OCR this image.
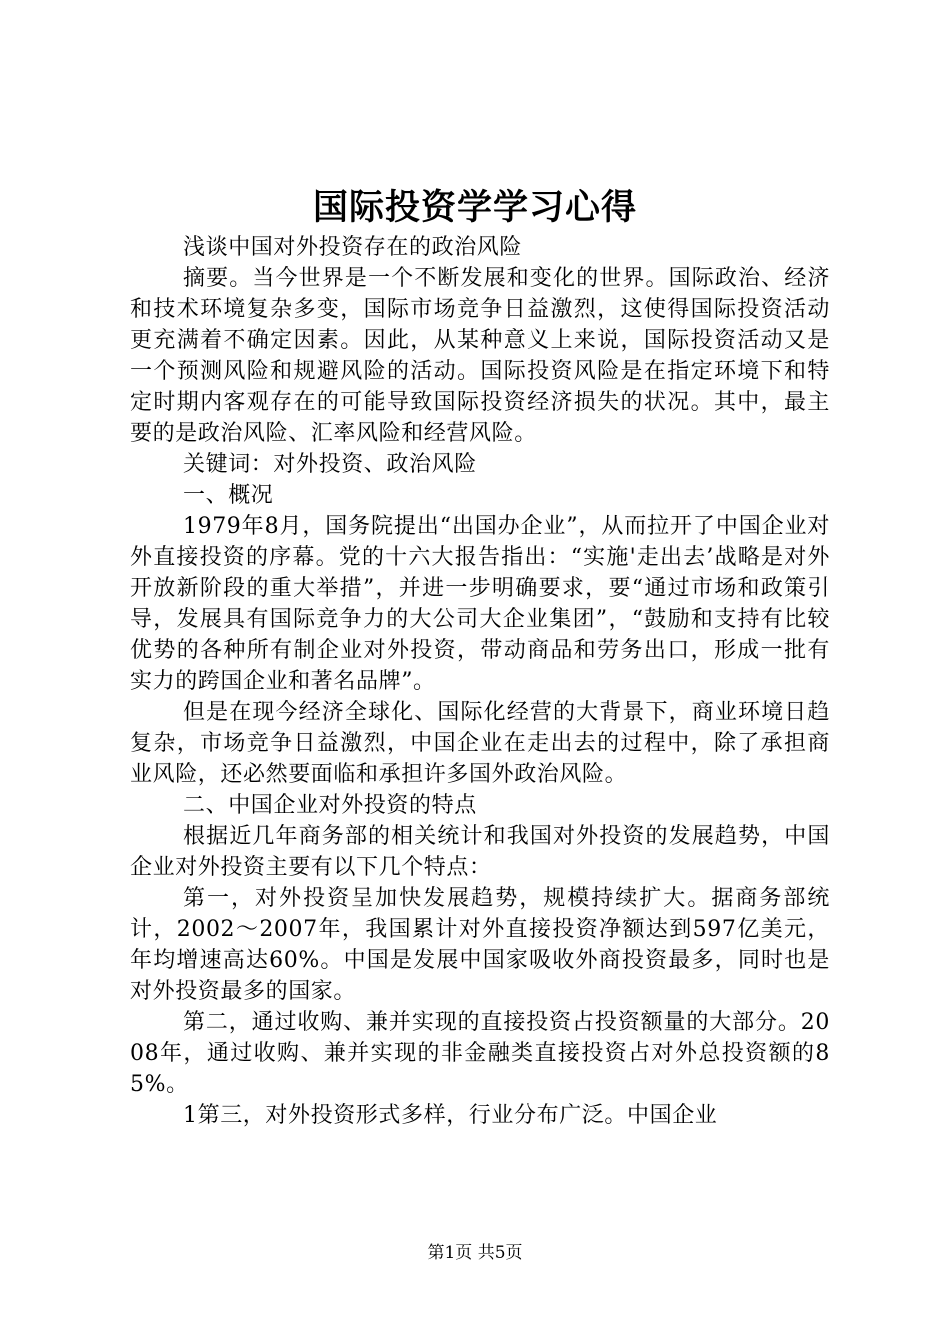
国际投资学学习心得

浅谈中国对外投资存在的政治风险

摘要。当今世界是一个不断发展和变化的世界。国际政治、经济和技术环境复杂多变，国际市场竞争日益激烈，这使得国际投资活动更充满着不确定因素。因此，从某种意义上来说，国际投资活动又是一个预测风险和规避风险的活动。国际投资风险是在指定环境下和特定时期内客观存在的可能导致国际投资经济损失的状况。其中，最主要的是政治风险、汇率风险和经营风险。

关键词：对外投资、政治风险

一、概况

1979年8月，国务院提出“出国办企业”，从而拉开了中国企业对外直接投资的序幕。党的十六大报告指出：“实施'走出去’战略是对外开放新阶段的重大举措”，并进一步明确要求，要“通过市场和政策引导，发展具有国际竞争力的大公司大企业集团”，“鼓励和支持有比较优势的各种所有制企业对外投资，带动商品和劳务出口，形成一批有实力的跨国企业和著名品牌”。

但是在现今经济全球化、国际化经营的大背景下，商业环境日趋复杂，市场竞争日益激烈，中国企业在走出去的过程中，除了承担商业风险，还必然要面临和承担许多国外政治风险。

二、中国企业对外投资的特点

根据近几年商务部的相关统计和我国对外投资的发展趋势，中国企业对外投资主要有以下几个特点：

第一，对外投资呈加快发展趋势，规模持续扩大。据商务部统计，2002～2007年，我国累计对外直接投资净额达到597亿美元，年均增速高达60%。中国是发展中国家吸收外商投资最多，同时也是对外投资最多的国家。

第二，通过收购、兼并实现的直接投资占投资额量的大部分。2008年，通过收购、兼并实现的非金融类直接投资占对外总投资额的85%。

1第三，对外投资形式多样，行业分布广泛。中国企业

第1页 共5页
